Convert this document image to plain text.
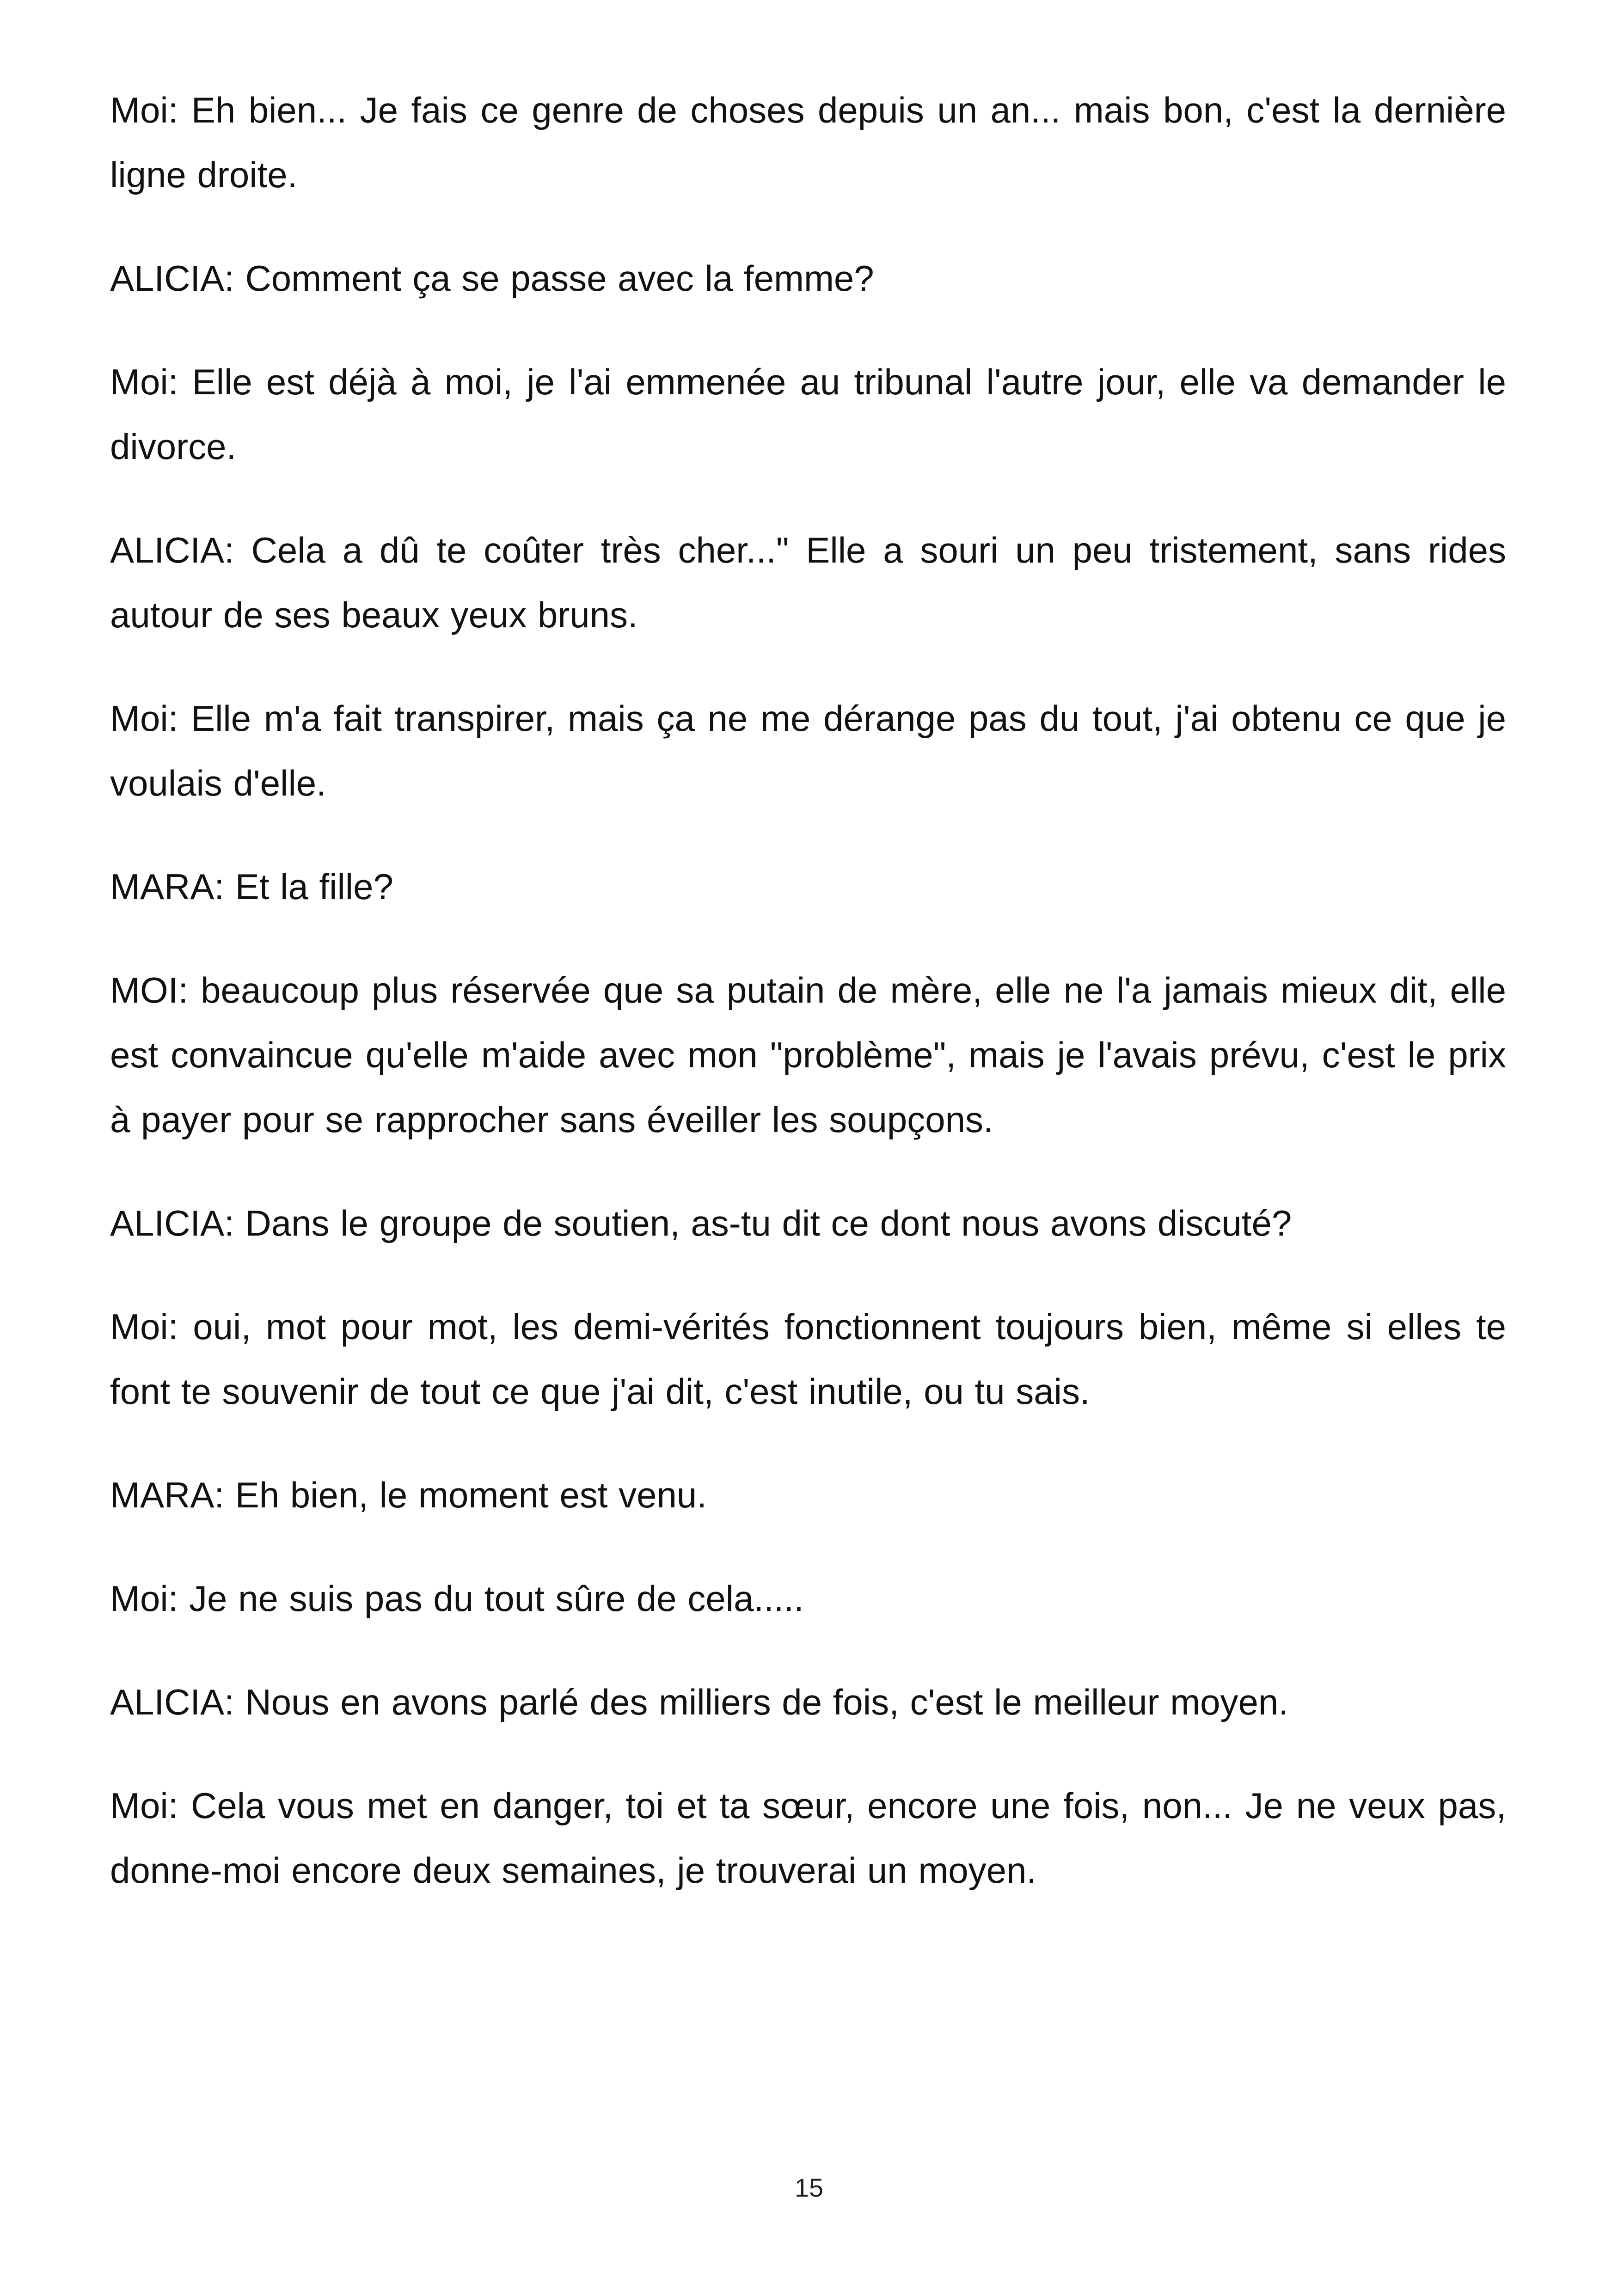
Moi: Eh bien... Je fais ce genre de choses depuis un an... mais bon, c'est la dernière ligne droite.

ALICIA: Comment ça se passe avec la femme?

Moi: Elle est déjà à moi, je l'ai emmenée au tribunal l'autre jour, elle va demander le divorce.

ALICIA: Cela a dû te coûter très cher..." Elle a souri un peu tristement, sans rides autour de ses beaux yeux bruns.

Moi: Elle m'a fait transpirer, mais ça ne me dérange pas du tout, j'ai obtenu ce que je voulais d'elle.

MARA: Et la fille?

MOI: beaucoup plus réservée que sa putain de mère, elle ne l'a jamais mieux dit, elle est convaincue qu'elle m'aide avec mon "problème", mais je l'avais prévu, c'est le prix à payer pour se rapprocher sans éveiller les soupçons.

ALICIA: Dans le groupe de soutien, as-tu dit ce dont nous avons discuté?

Moi: oui, mot pour mot, les demi-vérités fonctionnent toujours bien, même si elles te font te souvenir de tout ce que j'ai dit, c'est inutile, ou tu sais.

MARA: Eh bien, le moment est venu.

Moi: Je ne suis pas du tout sûre de cela.....

ALICIA: Nous en avons parlé des milliers de fois, c'est le meilleur moyen.

Moi: Cela vous met en danger, toi et ta sœur, encore une fois, non... Je ne veux pas, donne-moi encore deux semaines, je trouverai un moyen.

15
